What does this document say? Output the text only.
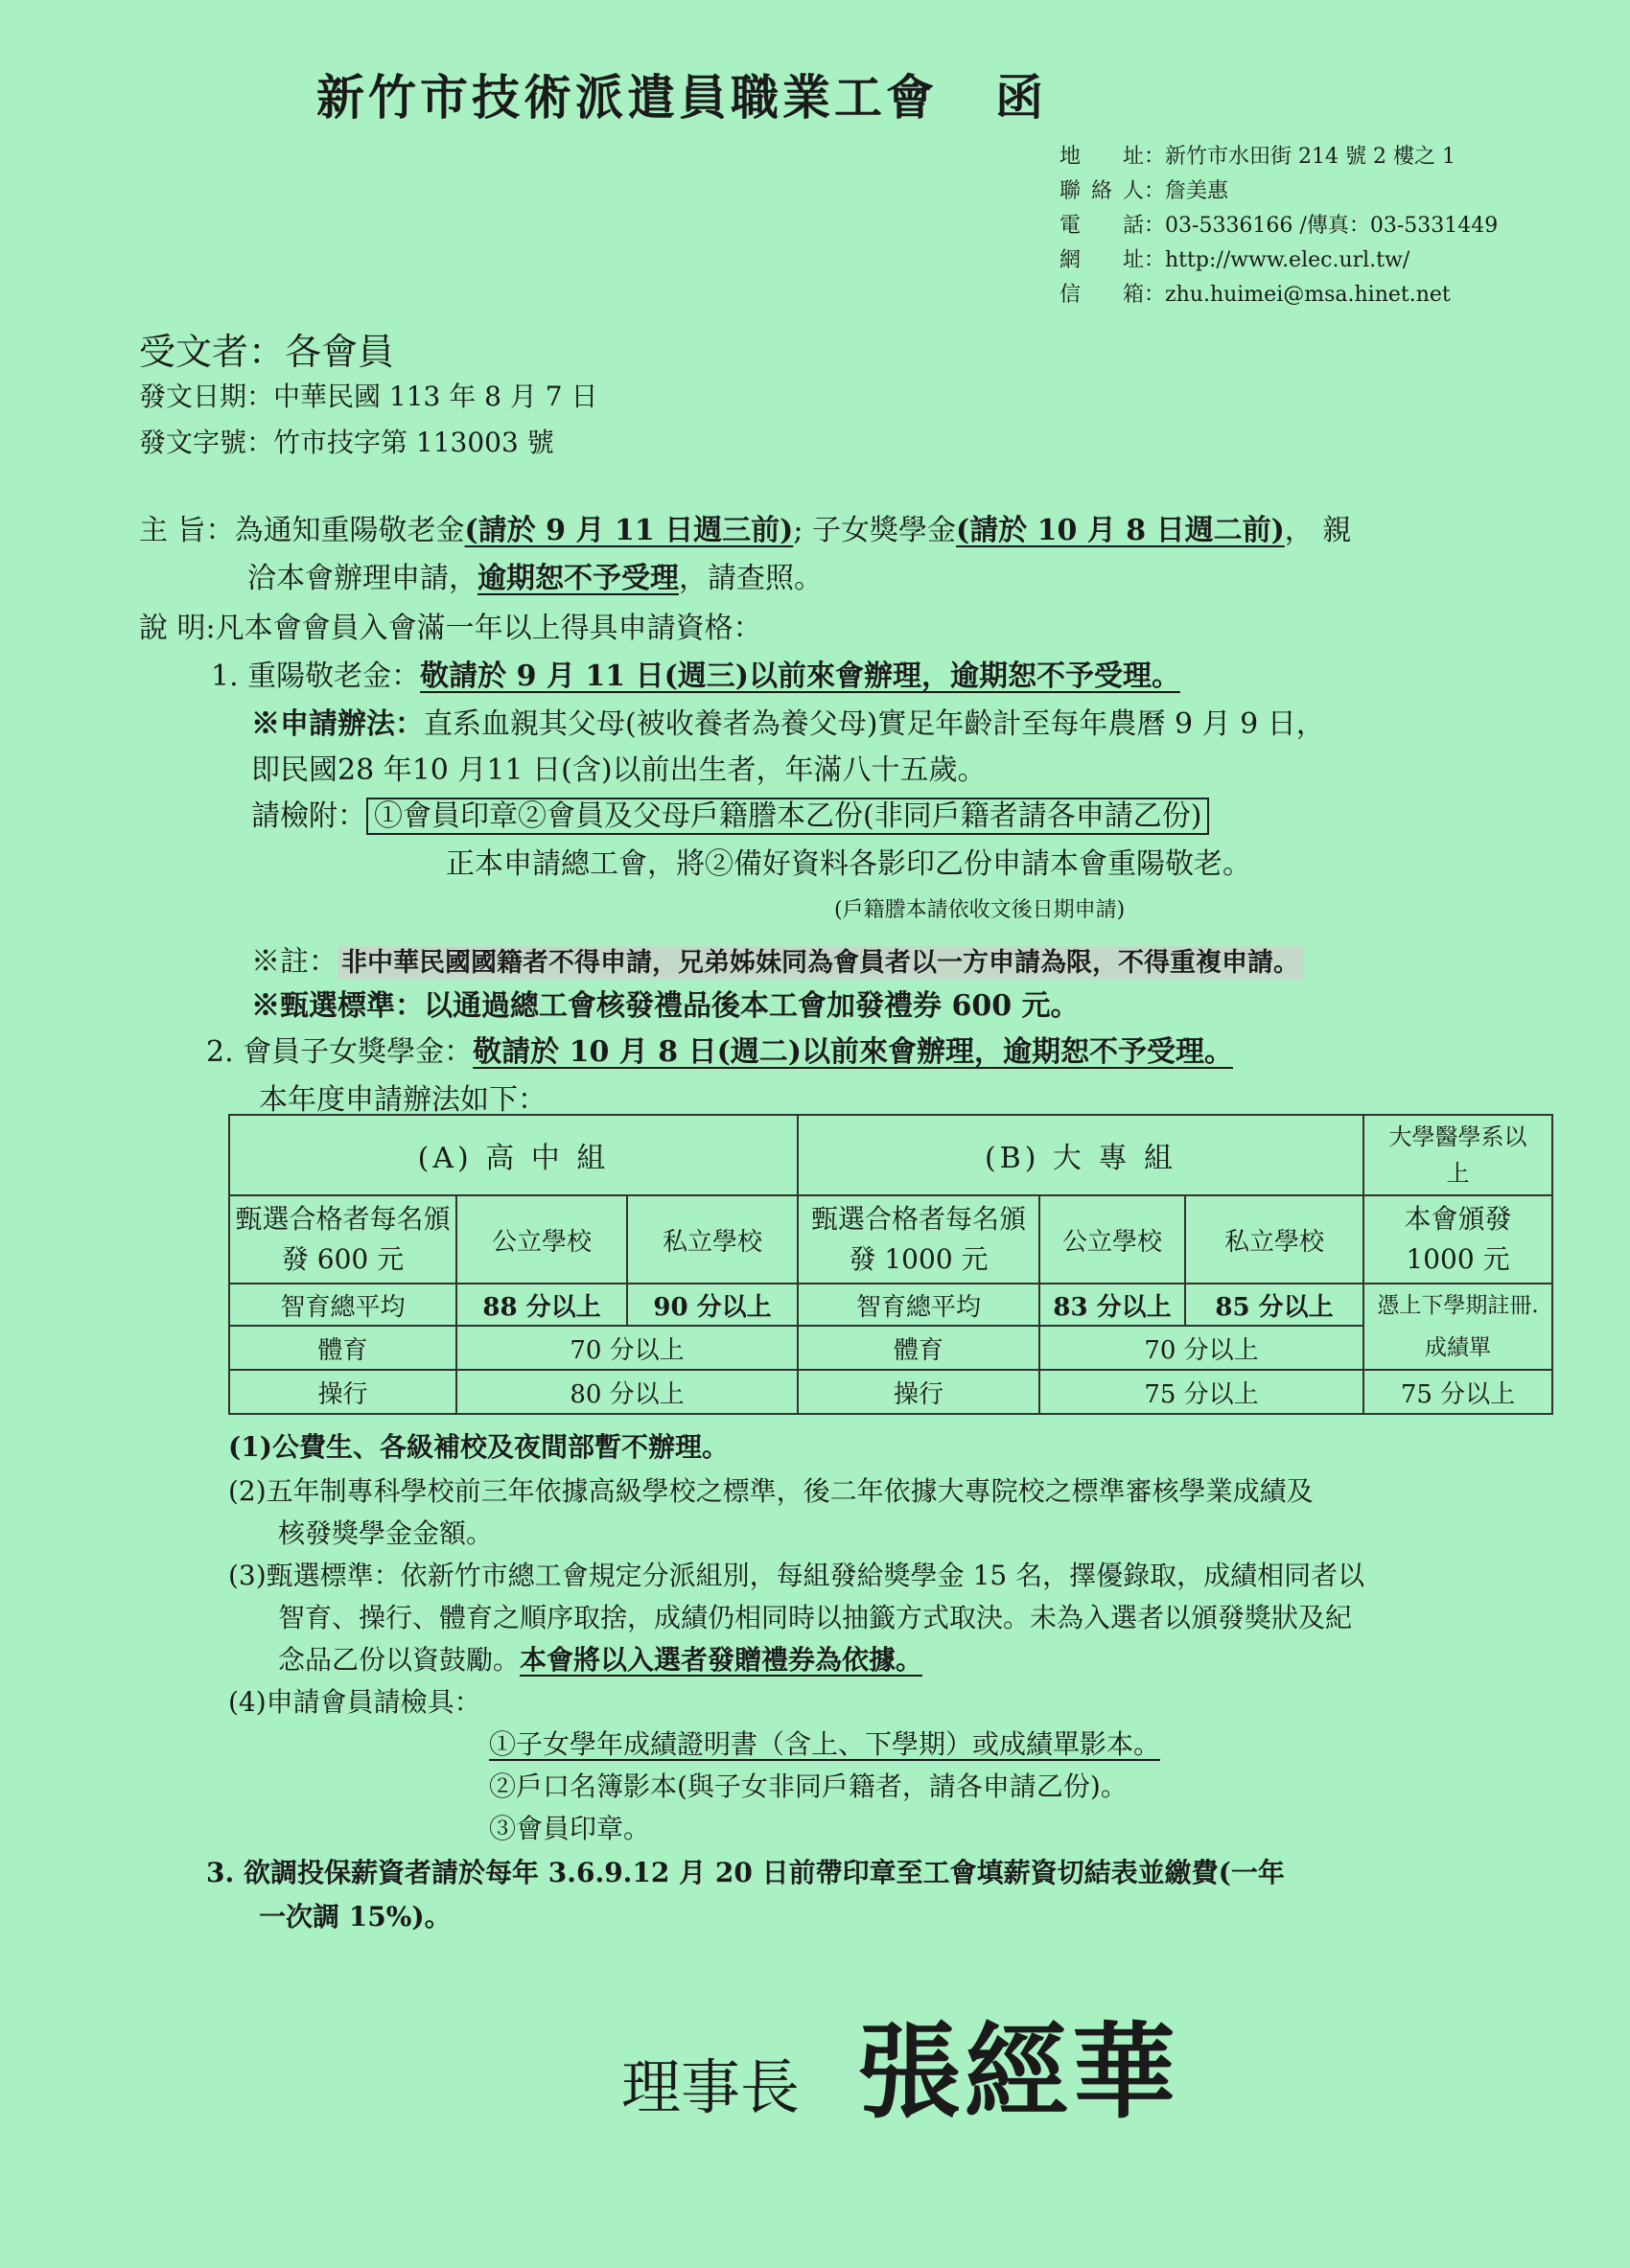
新竹市技術派遣員職業工會 函
地 址：新竹市水田街 214 號 2 樓之 1
聯絡人：詹美惠
電 話：03-5336166 /傳真：03-5331449
網 址：http://www.elec.url.tw/
信 箱：zhu.huimei@msa.hinet.net
受文者：各會員
發文日期：中華民國 113 年 8 月 7 日
發文字號：竹市技字第 113003 號
主 旨：為通知重陽敬老金(請於 9 月 11 日週三前); 子女獎學金(請於 10 月 8 日週二前)， 親
洽本會辦理申請，逾期恕不予受理，請查照。
說 明:凡本會會員入會滿一年以上得具申請資格：
1. 重陽敬老金：敬請於 9 月 11 日(週三)以前來會辦理，逾期恕不予受理。
※申請辦法：直系血親其父母(被收養者為養父母)實足年齡計至每年農曆 9 月 9 日，
即民國28 年10 月11 日(含)以前出生者，年滿八十五歲。
請檢附： ①會員印章②會員及父母戶籍謄本乙份(非同戶籍者請各申請乙份)
正本申請總工會，將②備好資料各影印乙份申請本會重陽敬老。
(戶籍謄本請依收文後日期申請)
※註： 非中華民國國籍者不得申請，兄弟姊妹同為會員者以一方申請為限，不得重複申請。
※甄選標準：以通過總工會核發禮品後本工會加發禮券 600 元。
2. 會員子女獎學金：敬請於 10 月 8 日(週二)以前來會辦理，逾期恕不予受理。
本年度申請辦法如下：
(A) 高 中 組			(B) 大 專 組			大學醫學系以上
甄選合格者每名頒發 600 元	公立學校	私立學校	甄選合格者每名頒發 1000 元	公立學校	私立學校	本會頒發 1000 元
智育總平均	88 分以上	90 分以上	智育總平均	83 分以上	85 分以上	憑上下學期註冊. 成績單
體育	70 分以上		體育	70 分以上		
操行	80 分以上		操行	75 分以上		75 分以上
(1)公費生、各級補校及夜間部暫不辦理。
(2)五年制專科學校前三年依據高級學校之標準，後二年依據大專院校之標準審核學業成績及
核發獎學金金額。
(3)甄選標準：依新竹市總工會規定分派組別，每組發給獎學金 15 名，擇優錄取，成績相同者以
智育、操行、體育之順序取捨，成績仍相同時以抽籤方式取決。未為入選者以頒發獎狀及紀
念品乙份以資鼓勵。本會將以入選者發贈禮券為依據。
(4)申請會員請檢具：
①子女學年成績證明書（含上、下學期）或成績單影本。
②戶口名簿影本(與子女非同戶籍者，請各申請乙份)。
③會員印章。
3. 欲調投保薪資者請於每年 3.6.9.12 月 20 日前帶印章至工會填薪資切結表並繳費(一年
一次調 15%)。
理事長 張經華
